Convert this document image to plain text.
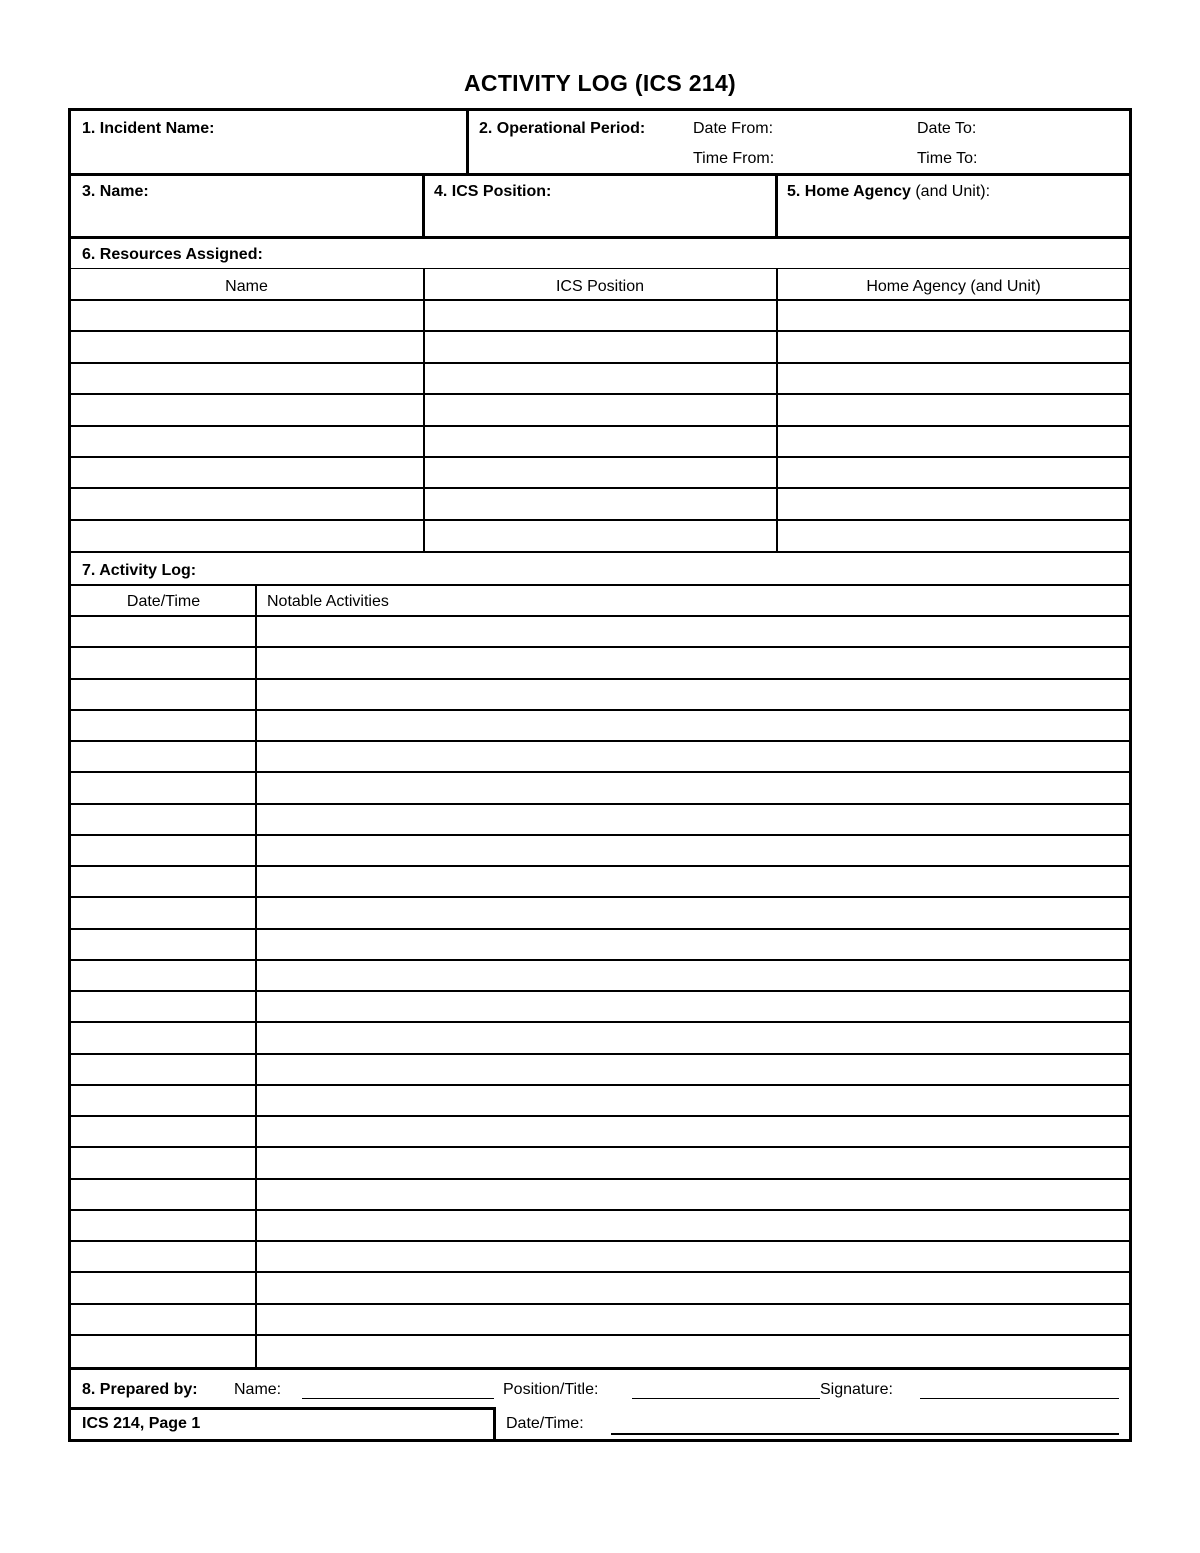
ACTIVITY LOG (ICS 214)
1. Incident Name:	2. Operational Period:	Date From:	Date To:
Time From:	Time To:
3. Name:	4. ICS Position:	5. Home Agency (and Unit):
6. Resources Assigned:
Name	ICS Position	Home Agency (and Unit)
7. Activity Log:
Date/Time	Notable Activities
8. Prepared by: Name:	Position/Title:	Signature:
ICS 214, Page 1	Date/Time:
